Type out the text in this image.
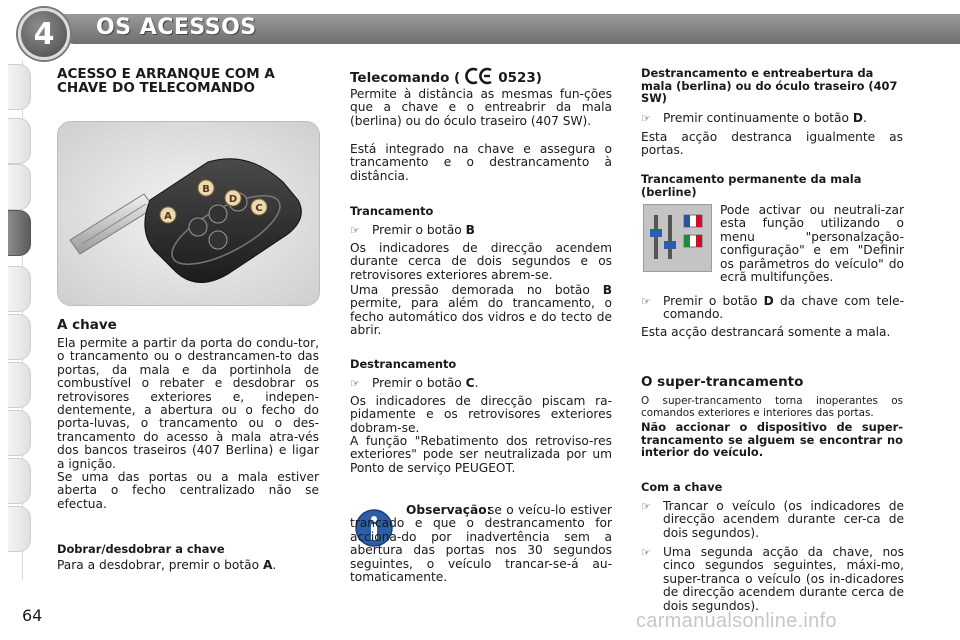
4	OS ACESSOS
ACESSO E ARRANQUE COM A CHAVE DO TELECOMANDO
B
D
C
A
A chave
Ela permite a partir da porta do condu-tor, o trancamento ou o destrancamen-to das portas, da mala e da portinhola de combustível o rebater e desdobrar os retrovisores exteriores e, indepen-dentemente, a abertura ou o fecho do porta-luvas, o trancamento ou o des-trancamento do acesso à mala atra-vés dos bancos traseiros (407 Berlina) e ligar a ignição.
Se uma das portas ou a mala estiver aberta o fecho centralizado não se efectua.
Dobrar/desdobrar a chave
Para a desdobrar, premir o botão A.
Telecomando (	0523)
Permite à distância as mesmas fun-ções que a chave e o entreabrir da mala (berlina) ou do óculo traseiro (407 SW).
Está integrado na chave e assegura o trancamento e o destrancamento à distância.
Trancamento
☞ Premir o botão B
Os indicadores de direcção acendem durante cerca de dois segundos e os retrovisores exteriores abrem-se.
Uma pressão demorada no botão B permite, para além do trancamento, o fecho automático dos vidros e do tecto de abrir.
Destrancamento
☞ Premir o botão C.
Os indicadores de direcção piscam ra-pidamente e os retrovisores exteriores dobram-se.
A função "Rebatimento dos retroviso-res exteriores" pode ser neutralizada por um Ponto de serviço PEUGEOT.
Observação:
se o veícu-lo estiver trancado e que o destrancamento for acciona-do por inadvertência sem a abertura das portas nos 30 segundos seguintes, o veículo trancar-se-á au-tomaticamente.
Destrancamento e entreabertura da mala (berlina) ou do óculo traseiro (407 SW)
☞ Premir continuamente o botão D.
Esta acção destranca igualmente as portas.
Trancamento permanente da mala (berline)
Pode activar ou neutrali-zar esta função utilizando o menu "personalzação-configuração" e em "Definir os parâmetros do veículo" do ecrã multifunções.
☞ Premir o botão D da chave com tele-comando.
Esta acção destrancará somente a mala.
O super-trancamento
O super-trancamento torna inoperantes os comandos exteriores e interiores das portas.
Não accionar o dispositivo de super-trancamento se alguem se encontrar no interior do veículo.
Com a chave
☞ Trancar o veículo (os indicadores de direcção acendem durante cer-ca de dois segundos).
☞ Uma segunda acção da chave, nos cinco segundos seguintes, máxi-mo, super-tranca o veículo (os in-dicadores de direcção acendem durante cerca de dois segundos).
64	carmanualsonline.info
